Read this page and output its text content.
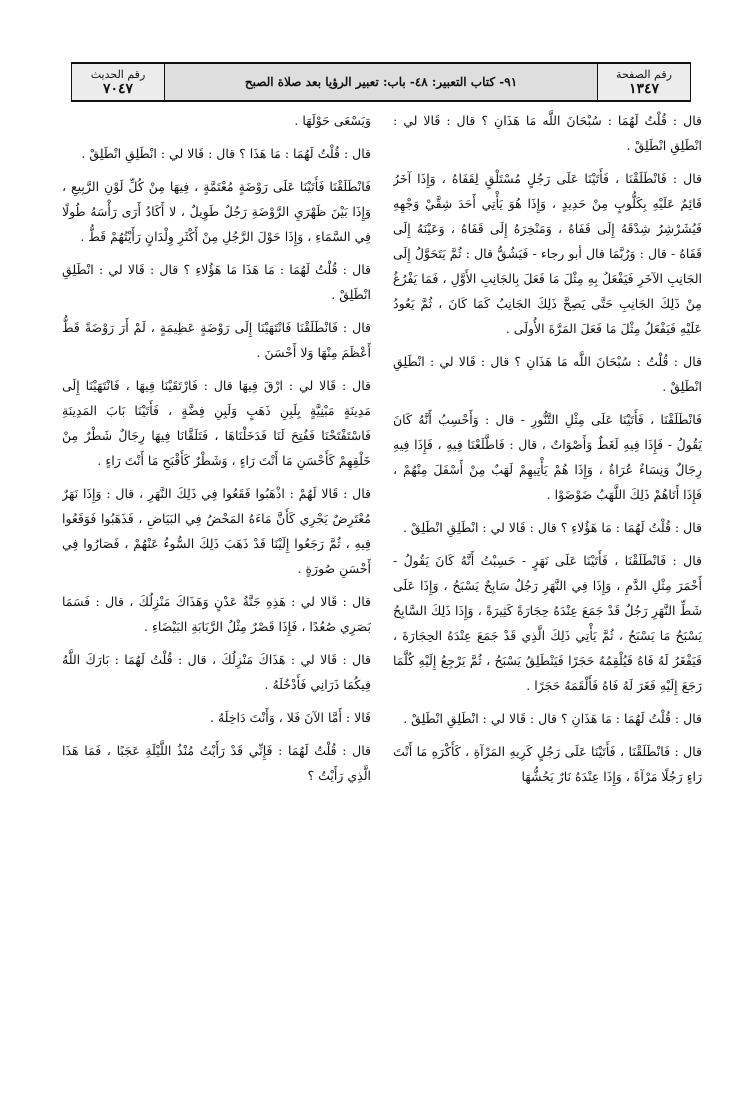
رقم الصفحة
١٣٤٧
٩١- كتاب التعبير: ٤٨- باب: تعبير الرؤيا بعد صلاة الصبح
رقم الحديث
٧٠٤٧

قال : قُلْتُ لَهُمَا : سُبْحَانَ اللَّه مَا هَذَانِ ؟ قال : قَالا لي : انْطَلِقِ انْطَلِقْ .

قال : فَانْطَلَقْنَا ، فَأَتَيْنَا عَلَى رَجُلٍ مُسْتَلْقٍ لِقَفَاهُ ، وَإِذَا آخَرُ قَائِمٌ عَلَيْهِ بِكَلُّوبٍ مِنْ حَدِيدٍ ، وَإِذَا هُوَ يَأْتِي أَحَدَ شِقَّيْ وَجْهِهِ فَيُشَرْشِرُ شِدْقَهُ إِلَى قَفَاهُ ، وَمَنْخِرَهُ إِلَى قَفَاهُ ، وَعَيْنَهُ إِلَى قَفَاهُ - قال : وَرُبَّمَا قال أبو رجاء - فَيَشُقُّ قال : ثُمَّ يَتَحَوَّلُ إِلَى الجَانِبِ الآخَرِ فَيَفْعَلُ بِهِ مِثْلَ مَا فَعَلَ بِالجَانِبِ الأَوَّلِ ، فَمَا يَفْرُغُ مِنْ ذَلِكَ الجَانِبِ حَتَّى يَصِحَّ ذَلِكَ الجَانِبُ كَمَا كَانَ ، ثُمَّ يَعُودُ عَلَيْهِ فَيَفْعَلُ مِثْلَ مَا فَعَلَ المَرَّةَ الأُولَى .

قال : قُلْتُ : سُبْحَانَ اللَّه مَا هَذَانِ ؟ قال : قَالا لي : انْطَلِقِ انْطَلِقْ .

فَانْطَلَقْنَا ، فَأَتَيْنَا عَلَى مِثْلِ التَّنُّورِ - قال : وَأَحْسِبُ أَنَّهُ كَانَ يَقُولُ - فَإِذَا فِيهِ لَغَطٌ وَأَصْوَاتٌ ، قال : فَاطَّلَعْنَا فِيهِ ، فَإِذَا فِيهِ رِجَالٌ وَنِسَاءٌ عُرَاةٌ ، وَإِذَا هُمْ يَأْتِيهِمْ لَهَبٌ مِنْ أَسْفَلَ مِنْهُمْ ، فَإِذَا أَتَاهُمْ ذَلِكَ اللَّهَبُ ضَوْضَوْا .

قال : قُلْتُ لَهُمَا : مَا هَؤُلاءِ ؟ قال : قَالا لي : انْطَلِقِ انْطَلِقْ .

قال : فَانْطَلَقْنَا ، فَأَتَيْنَا عَلَى نَهَرٍ - حَسِبْتُ أَنَّهُ كَانَ يَقُولُ - أَحْمَرَ مِثْلِ الدَّمِ ، وَإِذَا فِي النَّهَرِ رَجُلٌ سَابِحٌ يَسْبَحُ ، وَإِذَا عَلَى شَطِّ النَّهَرِ رَجُلٌ قَدْ جَمَعَ عِنْدَهُ حِجَارَةً كَثِيرَةً ، وَإِذَا ذَلِكَ السَّابِحُ يَسْبَحُ مَا يَسْبَحُ ، ثُمَّ يَأْتِي ذَلِكَ الَّذِي قَدْ جَمَعَ عِنْدَهُ الحِجَارَةَ ، فَيَفْغَرُ لَهُ فَاهُ فَيُلْقِمُهُ حَجَرًا فَيَنْطَلِقُ يَسْبَحُ ، ثُمَّ يَرْجِعُ إِلَيْهِ كُلَّمَا رَجَعَ إِلَيْهِ فَغَرَ لَهُ فَاهُ فَأَلْقَمَهُ حَجَرًا .

قال : قُلْتُ لَهُمَا : مَا هَذَانِ ؟ قال : قَالا لي : انْطَلِقِ انْطَلِقْ .

قال : فَانْطَلَقْنَا ، فَأَتَيْنَا عَلَى رَجُلٍ كَرِيهِ المَرْآةِ ، كَأَكْرَهِ مَا أَنْتَ رَاءٍ رَجُلًا مَرْآةً ، وَإِذَا عِنْدَهُ نَارٌ يَحُشُّهَا

وَيَسْعَى حَوْلَهَا .

قال : قُلْتُ لَهُمَا : مَا هَذَا ؟ قال : قَالا لي : انْطَلِقِ انْطَلِقْ .

فَانْطَلَقْنَا فَأَتَيْنَا عَلَى رَوْضَةٍ مُعْتَمَّةٍ ، فِيهَا مِنْ كُلِّ لَوْنِ الرَّبِيعِ ، وَإِذَا بَيْنَ ظَهْرَيِ الرَّوْضَةِ رَجُلٌ طَوِيلٌ ، لا أَكَادُ أَرَى رَأْسَهُ طُولًا فِي السَّمَاءِ ، وَإِذَا حَوْلَ الرَّجُلِ مِنْ أَكْثَرِ وِلْدَانٍ رَأَيْتُهُمْ قَطُّ .

قال : قُلْتُ لَهُمَا : مَا هَذَا مَا هَؤُلاءِ ؟ قال : قَالا لي : انْطَلِقِ انْطَلِقْ .

قال : فَانْطَلَقْنَا فَانْتَهَيْنَا إِلَى رَوْضَةٍ عَظِيمَةٍ ، لَمْ أَرَ رَوْضَةً قَطُّ أَعْظَمَ مِنْهَا وَلا أَحْسَنَ .

قال : قَالا لي : ارْقَ فِيهَا قال : فَارْتَقَيْنَا فِيهَا ، فَانْتَهَيْنَا إِلَى مَدِينَةٍ مَبْنِيَّةٍ بِلَبِنِ ذَهَبٍ وَلَبِنِ فِضَّةٍ ، فَأَتَيْنَا بَابَ المَدِينَةِ فَاسْتَفْتَحْنَا فَفُتِحَ لَنَا فَدَخَلْنَاهَا ، فَتَلَقَّانَا فِيهَا رِجَالٌ شَطْرٌ مِنْ خَلْقِهِمْ كَأَحْسَنِ مَا أَنْتَ رَاءٍ ، وَشَطْرٌ كَأَقْبَحِ مَا أَنْتَ رَاءٍ .

قال : قَالا لَهُمْ : اذْهَبُوا فَقَعُوا فِي ذَلِكَ النَّهَرِ ، قال : وَإِذَا نَهَرٌ مُعْتَرِضٌ يَجْرِي كَأَنَّ مَاءَهُ المَحْضُ فِي البَيَاضِ ، فَذَهَبُوا فَوَقَعُوا فِيهِ ، ثُمَّ رَجَعُوا إِلَيْنَا قَدْ ذَهَبَ ذَلِكَ السُّوءُ عَنْهُمْ ، فَصَارُوا فِي أَحْسَنِ صُورَةٍ .

قال : قَالا لي : هَذِهِ جَنَّةُ عَدْنٍ وَهَذَاكَ مَنْزِلُكَ ، قال : فَسَمَا بَصَرِي صُعُدًا ، فَإِذَا قَصْرٌ مِثْلُ الرَّبَابَةِ البَيْضَاءِ .

قال : قَالا لي : هَذَاكَ مَنْزِلُكَ ، قال : قُلْتُ لَهُمَا : بَارَكَ اللَّهُ فِيكُمَا ذَرَانِي فَأَدْخُلَهُ .

قَالا : أَمَّا الآنَ فَلا ، وَأَنْتَ دَاخِلَهُ .

قال : قُلْتُ لَهُمَا : فَإِنِّي قَدْ رَأَيْتُ مُنْذُ اللَّيْلَةِ عَجَبًا ، فَمَا هَذَا الَّذِي رَأَيْتُ ؟
